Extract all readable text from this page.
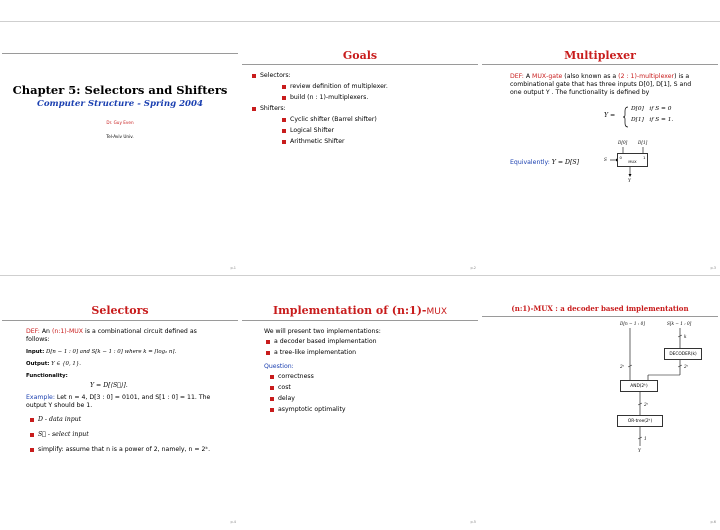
Chapter 5: Selectors and Shifters
Computer Structure - Spring 2004
Dr. Guy Even
Tel-Aviv Univ.
p.1
Goals
Selectors:
review definition of multiplexer.
build (n : 1)-multiplexers.
Shifters:
Cyclic shifter (Barrel shifter)
Logical Shifter
Arithmetic Shifter
p.2
Multiplexer
DEF: A MUX-gate (also known as a (2 : 1)-multiplexer) is a
combinational gate that has three inputs D[0], D[1], S and
one output Y . The functionality is defined by
Y =
D[0]   if S = 0
D[1]   if S = 1.
Equivalently: Y = D[S]
D[0]	D[1]
0	1
MUX
S
Y
p.3
Selectors
DEF: An (n:1)-MUX is a combinational circuit defined as
follows:
Input: D[n − 1 : 0] and S[k − 1 : 0] where k = ⌈log₂ n⌉.
Output: Y ∈ {0, 1}.
Functionality:
Y = D[⟨S⃗⟩].
Example: Let n = 4, D[3 : 0] = 0101, and S[1 : 0] = 11. The
output Y should be 1.
D - data input
S⃗ - select input
simplify: assume that n is a power of 2, namely, n = 2ᵏ.
p.4
Implementation of (n:1)-MUX
We will present two implementations:
a decoder based implementation
a tree-like implementation
Question:
correctness
cost
delay
asymptotic optimality
p.5
(n:1)-MUX : a decoder based implementation
D[n − 1 : 0]	S[k − 1 : 0]
k
DECODER(k)
2ᵏ	2ᵏ
AND(2ᵏ)
2ᵏ
OR-tree(2ᵏ)
1
Y
p.6
